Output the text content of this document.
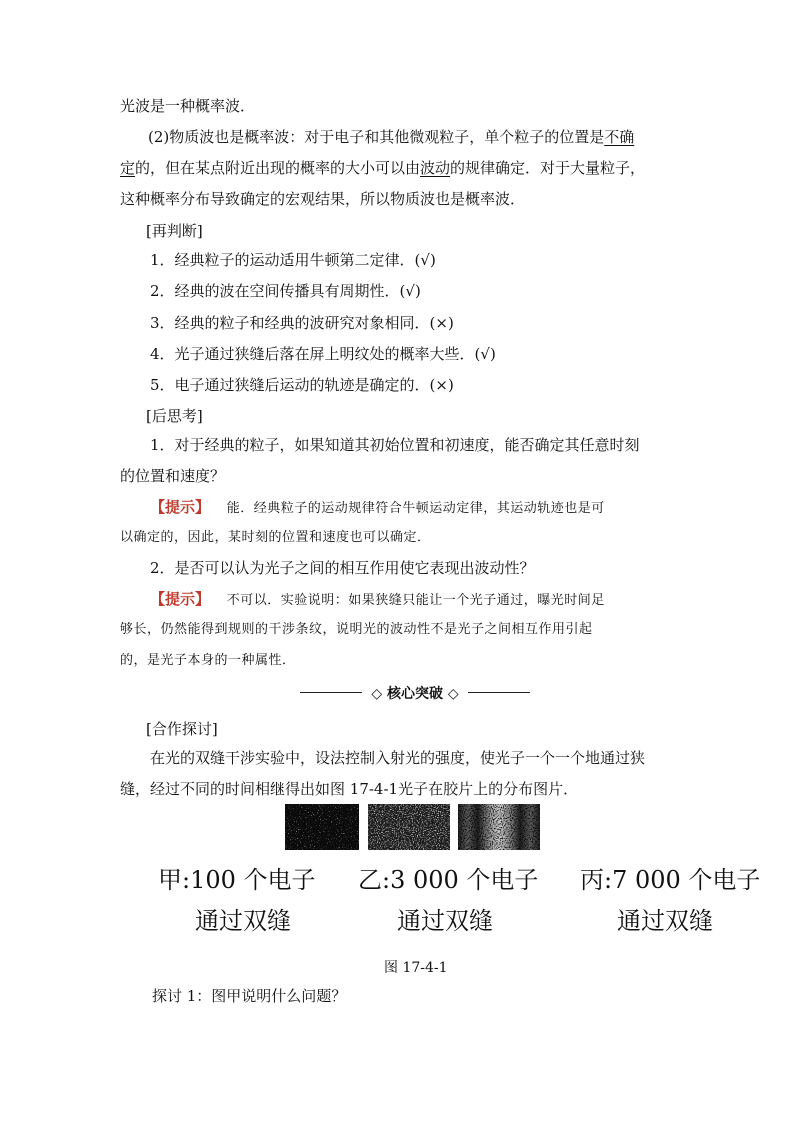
光波是一种概率波．
(2)物质波也是概率波：对于电子和其他微观粒子，单个粒子的位置是不确
定的，但在某点附近出现的概率的大小可以由波动的规律确定．对于大量粒子，
这种概率分布导致确定的宏观结果，所以物质波也是概率波．
[再判断]
1．经典粒子的运动适用牛顿第二定律．(√)
2．经典的波在空间传播具有周期性．(√)
3．经典的粒子和经典的波研究对象相同．(×)
4．光子通过狭缝后落在屏上明纹处的概率大些．(√)
5．电子通过狭缝后运动的轨迹是确定的．(×)
[后思考]
1．对于经典的粒子，如果知道其初始位置和初速度，能否确定其任意时刻
的位置和速度？
【提示】 能．经典粒子的运动规律符合牛顿运动定律，其运动轨迹也是可
以确定的，因此，某时刻的位置和速度也可以确定．
2．是否可以认为光子之间的相互作用使它表现出波动性？
【提示】 不可以．实验说明：如果狭缝只能让一个光子通过，曝光时间足
够长，仍然能得到规则的干涉条纹，说明光的波动性不是光子之间相互作用引起
的，是光子本身的一种属性．
◇ 核心突破 ◇
[合作探讨]
在光的双缝干涉实验中，设法控制入射光的强度，使光子一个一个地通过狭
缝，经过不同的时间相继得出如图 17-4-1光子在胶片上的分布图片．
甲:100 个电子
通过双缝
乙:3 000 个电子
通过双缝
丙:7 000 个电子
通过双缝
图 17-4-1
探讨 1：图甲说明什么问题？
